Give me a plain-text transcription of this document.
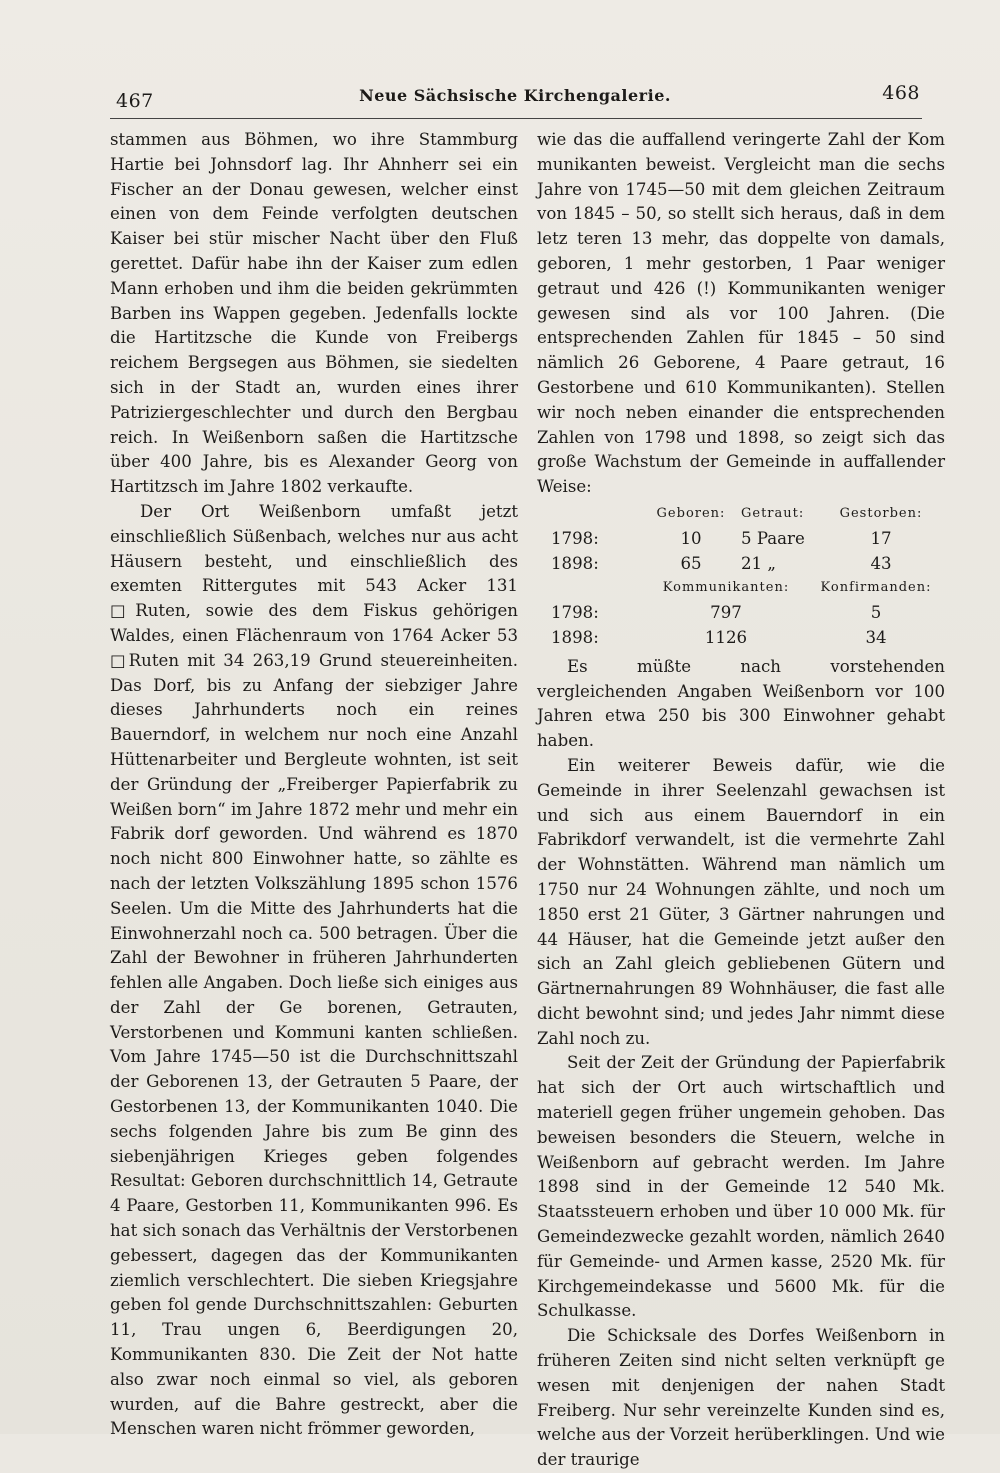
467	Neue Sächsische Kirchengalerie.	468

stammen aus Böhmen, wo ihre Stammburg Hartie bei Johnsdorf lag. Ihr Ahnherr sei ein Fischer an der Donau gewesen, welcher einst einen von dem Feinde verfolgten deutschen Kaiser bei stür mischer Nacht über den Fluß gerettet. Dafür habe ihn der Kaiser zum edlen Mann erhoben und ihm die beiden gekrümmten Barben ins Wappen gegeben. Jedenfalls lockte die Hartitzsche die Kunde von Freibergs reichem Bergsegen aus Böhmen, sie siedelten sich in der Stadt an, wurden eines ihrer Patriziergeschlechter und durch den Bergbau reich. In Weißenborn saßen die Hartitzsche über 400 Jahre, bis es Alexander Georg von Hartitzsch im Jahre 1802 verkaufte.

Der Ort Weißenborn umfaßt jetzt einschließlich Süßenbach, welches nur aus acht Häusern besteht, und einschließlich des exemten Rittergutes mit 543 Acker 131 □Ruten, sowie des dem Fiskus gehörigen Waldes, einen Flächenraum von 1764 Acker 53 □Ruten mit 34 263,19 Grund steuereinheiten. Das Dorf, bis zu Anfang der siebziger Jahre dieses Jahrhunderts noch ein reines Bauerndorf, in welchem nur noch eine Anzahl Hüttenarbeiter und Bergleute wohnten, ist seit der Gründung der „Freiberger Papierfabrik zu Weißen born“ im Jahre 1872 mehr und mehr ein Fabrik dorf geworden. Und während es 1870 noch nicht 800 Einwohner hatte, so zählte es nach der letzten Volkszählung 1895 schon 1576 Seelen. Um die Mitte des Jahrhunderts hat die Einwohnerzahl noch ca. 500 betragen. Über die Zahl der Bewohner in früheren Jahrhunderten fehlen alle Angaben. Doch ließe sich einiges aus der Zahl der Ge borenen, Getrauten, Verstorbenen und Kommuni kanten schließen. Vom Jahre 1745—50 ist die Durchschnittszahl der Geborenen 13, der Getrauten 5 Paare, der Gestorbenen 13, der Kommunikanten 1040. Die sechs folgenden Jahre bis zum Be ginn des siebenjährigen Krieges geben folgendes Resultat: Geboren durchschnittlich 14, Getraute 4 Paare, Gestorben 11, Kommunikanten 996. Es hat sich sonach das Verhältnis der Verstorbenen gebessert, dagegen das der Kommunikanten ziemlich verschlechtert. Die sieben Kriegsjahre geben fol gende Durchschnittszahlen: Geburten 11, Trau ungen 6, Beerdigungen 20, Kommunikanten 830. Die Zeit der Not hatte also zwar noch einmal so viel, als geboren wurden, auf die Bahre gestreckt, aber die Menschen waren nicht frömmer geworden,

wie das die auffallend veringerte Zahl der Kom munikanten beweist. Vergleicht man die sechs Jahre von 1745—50 mit dem gleichen Zeitraum von 1845 – 50, so stellt sich heraus, daß in dem letz teren 13 mehr, das doppelte von damals, geboren, 1 mehr gestorben, 1 Paar weniger getraut und 426 (!) Kommunikanten weniger gewesen sind als vor 100 Jahren. (Die entsprechenden Zahlen für 1845 – 50 sind nämlich 26 Geborene, 4 Paare getraut, 16 Gestorbene und 610 Kommunikanten). Stellen wir noch neben einander die entsprechenden Zahlen von 1798 und 1898, so zeigt sich das große Wachstum der Gemeinde in auffallender Weise:

Geboren:	Getraut:	Gestorben:
1798:	10	5 Paare	17
1898:	65	21 „	43
Kommunikanten:	Konfirmanden:
1798:	797	5
1898:	1126	34

Es müßte nach vorstehenden vergleichenden Angaben Weißenborn vor 100 Jahren etwa 250 bis 300 Einwohner gehabt haben.

Ein weiterer Beweis dafür, wie die Gemeinde in ihrer Seelenzahl gewachsen ist und sich aus einem Bauerndorf in ein Fabrikdorf verwandelt, ist die vermehrte Zahl der Wohnstätten. Während man nämlich um 1750 nur 24 Wohnungen zählte, und noch um 1850 erst 21 Güter, 3 Gärtner nahrungen und 44 Häuser, hat die Gemeinde jetzt außer den sich an Zahl gleich gebliebenen Gütern und Gärtnernahrungen 89 Wohnhäuser, die fast alle dicht bewohnt sind; und jedes Jahr nimmt diese Zahl noch zu.

Seit der Zeit der Gründung der Papierfabrik hat sich der Ort auch wirtschaftlich und materiell gegen früher ungemein gehoben. Das beweisen besonders die Steuern, welche in Weißenborn auf gebracht werden. Im Jahre 1898 sind in der Gemeinde 12 540 Mk. Staatssteuern erhoben und über 10 000 Mk. für Gemeindezwecke gezahlt worden, nämlich 2640 für Gemeinde- und Armen kasse, 2520 Mk. für Kirchgemeindekasse und 5600 Mk. für die Schulkasse.

Die Schicksale des Dorfes Weißenborn in früheren Zeiten sind nicht selten verknüpft ge wesen mit denjenigen der nahen Stadt Freiberg. Nur sehr vereinzelte Kunden sind es, welche aus der Vorzeit herüberklingen. Und wie der traurige
